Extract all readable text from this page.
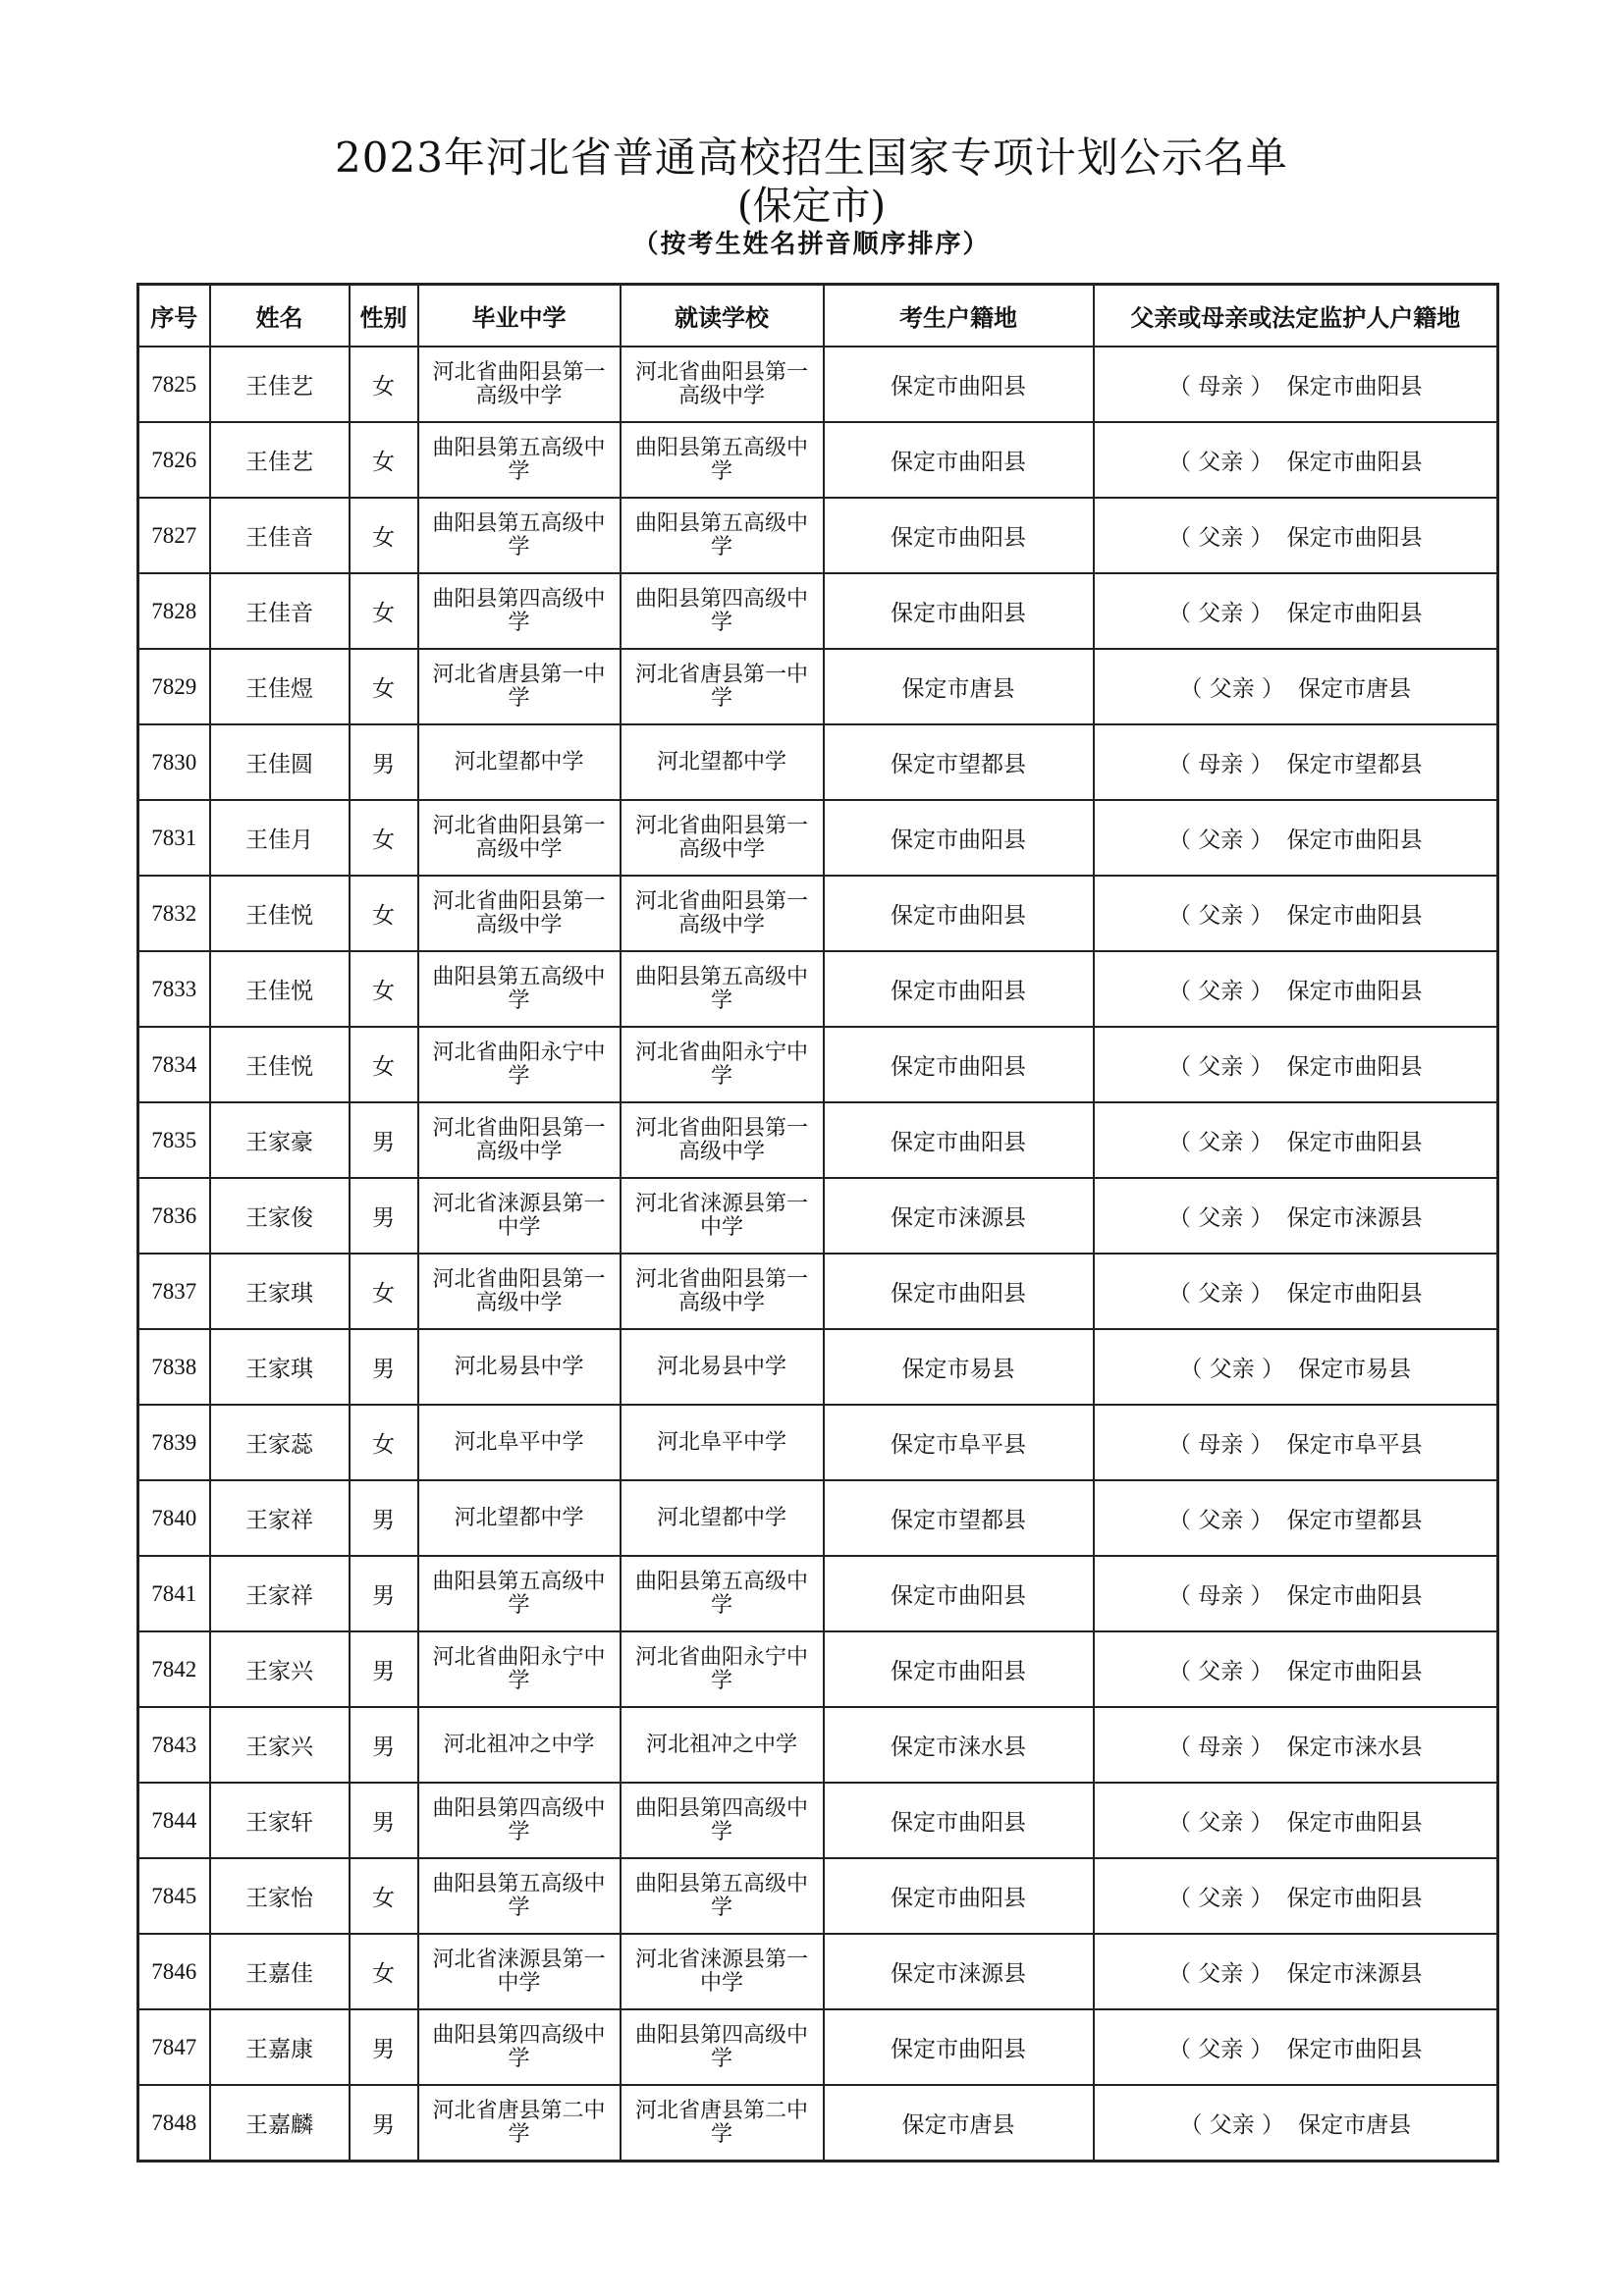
2023年河北省普通高校招生国家专项计划公示名单
(保定市)
（按考生姓名拼音顺序排序）
序号	姓名	性别	毕业中学	就读学校	考生户籍地	父亲或母亲或法定监护人户籍地
7825	王佳艺	女	河北省曲阳县第一高级中学	河北省曲阳县第一高级中学	保定市曲阳县	（ 母亲 ） 保定市曲阳县
7826	王佳艺	女	曲阳县第五高级中学	曲阳县第五高级中学	保定市曲阳县	（ 父亲 ） 保定市曲阳县
7827	王佳音	女	曲阳县第五高级中学	曲阳县第五高级中学	保定市曲阳县	（ 父亲 ） 保定市曲阳县
7828	王佳音	女	曲阳县第四高级中学	曲阳县第四高级中学	保定市曲阳县	（ 父亲 ） 保定市曲阳县
7829	王佳煜	女	河北省唐县第一中学	河北省唐县第一中学	保定市唐县	（ 父亲 ） 保定市唐县
7830	王佳圆	男	河北望都中学	河北望都中学	保定市望都县	（ 母亲 ） 保定市望都县
7831	王佳月	女	河北省曲阳县第一高级中学	河北省曲阳县第一高级中学	保定市曲阳县	（ 父亲 ） 保定市曲阳县
7832	王佳悦	女	河北省曲阳县第一高级中学	河北省曲阳县第一高级中学	保定市曲阳县	（ 父亲 ） 保定市曲阳县
7833	王佳悦	女	曲阳县第五高级中学	曲阳县第五高级中学	保定市曲阳县	（ 父亲 ） 保定市曲阳县
7834	王佳悦	女	河北省曲阳永宁中学	河北省曲阳永宁中学	保定市曲阳县	（ 父亲 ） 保定市曲阳县
7835	王家豪	男	河北省曲阳县第一高级中学	河北省曲阳县第一高级中学	保定市曲阳县	（ 父亲 ） 保定市曲阳县
7836	王家俊	男	河北省涞源县第一中学	河北省涞源县第一中学	保定市涞源县	（ 父亲 ） 保定市涞源县
7837	王家琪	女	河北省曲阳县第一高级中学	河北省曲阳县第一高级中学	保定市曲阳县	（ 父亲 ） 保定市曲阳县
7838	王家琪	男	河北易县中学	河北易县中学	保定市易县	（ 父亲 ） 保定市易县
7839	王家蕊	女	河北阜平中学	河北阜平中学	保定市阜平县	（ 母亲 ） 保定市阜平县
7840	王家祥	男	河北望都中学	河北望都中学	保定市望都县	（ 父亲 ） 保定市望都县
7841	王家祥	男	曲阳县第五高级中学	曲阳县第五高级中学	保定市曲阳县	（ 母亲 ） 保定市曲阳县
7842	王家兴	男	河北省曲阳永宁中学	河北省曲阳永宁中学	保定市曲阳县	（ 父亲 ） 保定市曲阳县
7843	王家兴	男	河北祖冲之中学	河北祖冲之中学	保定市涞水县	（ 母亲 ） 保定市涞水县
7844	王家轩	男	曲阳县第四高级中学	曲阳县第四高级中学	保定市曲阳县	（ 父亲 ） 保定市曲阳县
7845	王家怡	女	曲阳县第五高级中学	曲阳县第五高级中学	保定市曲阳县	（ 父亲 ） 保定市曲阳县
7846	王嘉佳	女	河北省涞源县第一中学	河北省涞源县第一中学	保定市涞源县	（ 父亲 ） 保定市涞源县
7847	王嘉康	男	曲阳县第四高级中学	曲阳县第四高级中学	保定市曲阳县	（ 父亲 ） 保定市曲阳县
7848	王嘉麟	男	河北省唐县第二中学	河北省唐县第二中学	保定市唐县	（ 父亲 ） 保定市唐县
